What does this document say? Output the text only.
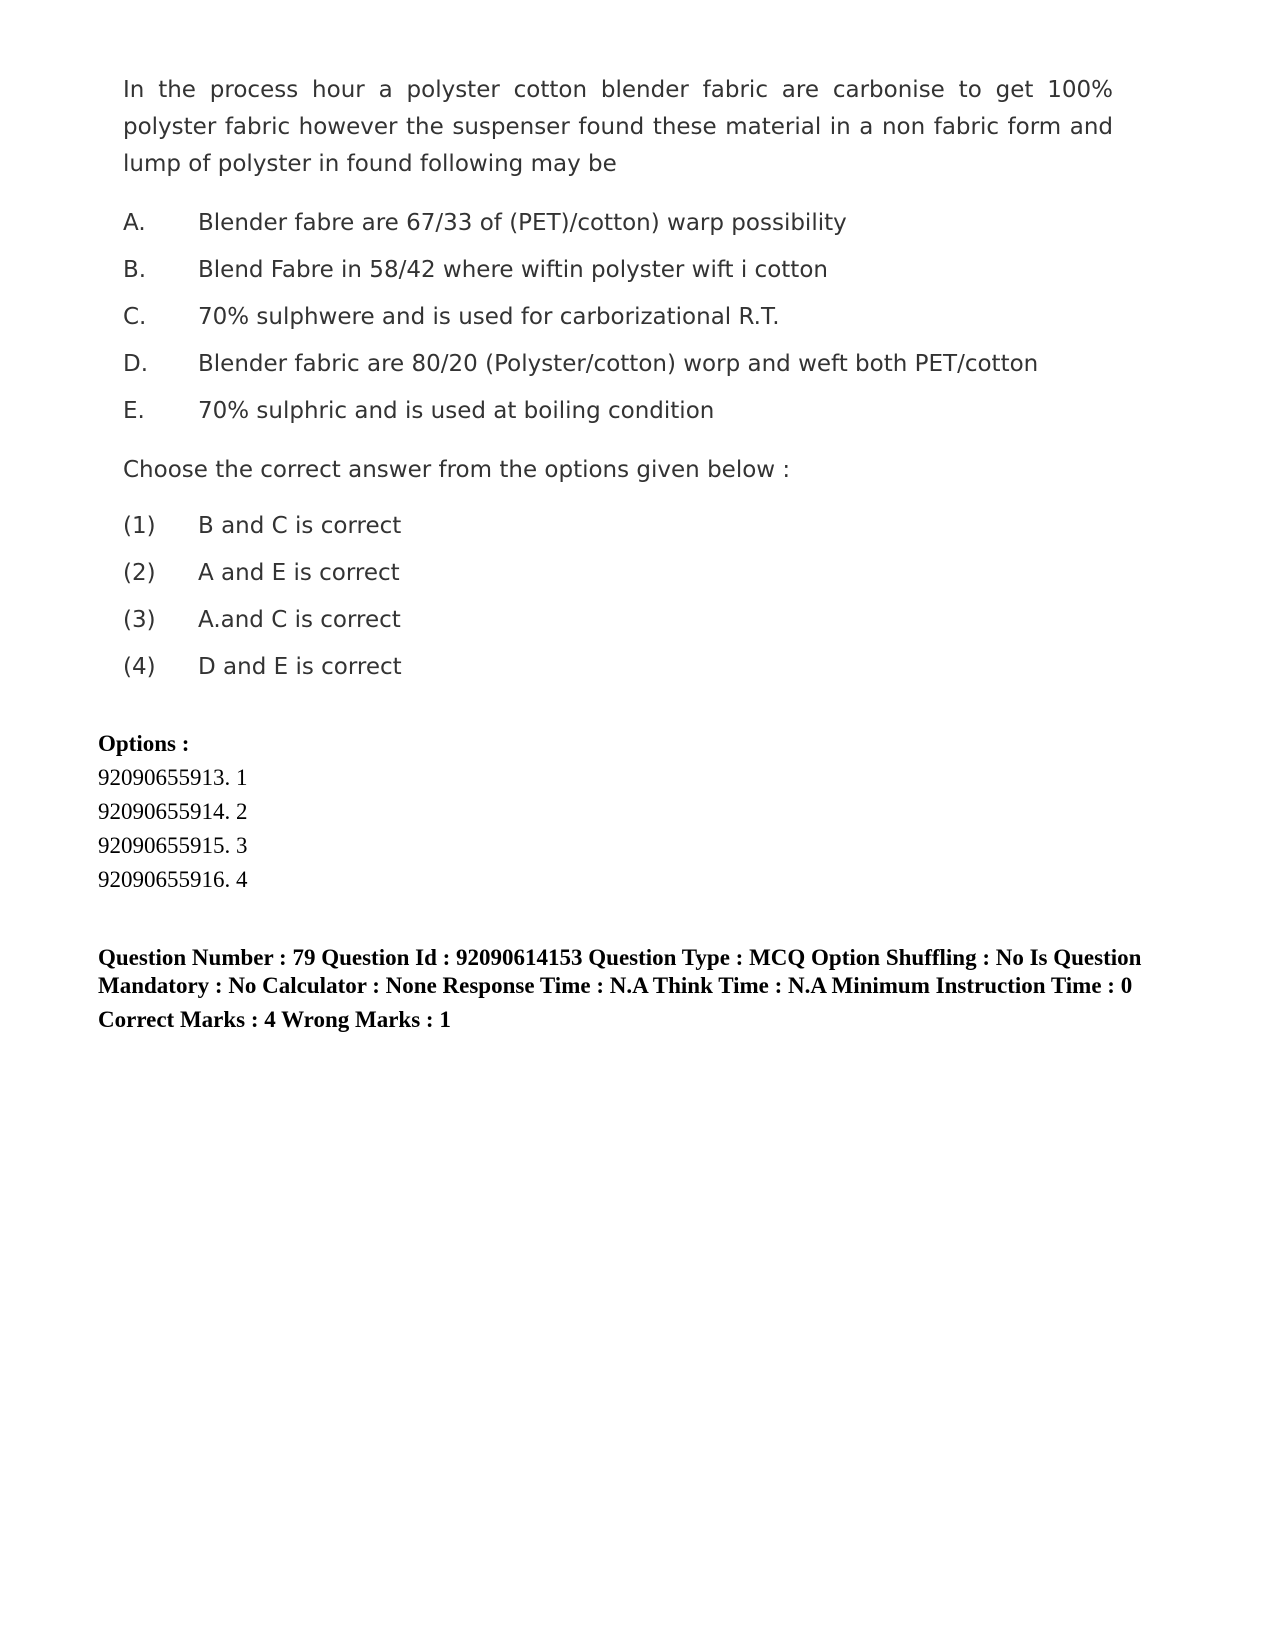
In the process hour a polyster cotton blender fabric are carbonise to get 100% polyster fabric however the suspenser found these material in a non fabric form and lump of polyster in found following may be

A.	Blender fabre are 67/33 of (PET)/cotton) warp possibility
B.	Blend Fabre in 58/42 where wiftin polyster wift i cotton
C.	70% sulphwere and is used for carborizational R.T.
D.	Blender fabric are 80/20 (Polyster/cotton) worp and weft both PET/cotton
E.	70% sulphric and is used at boiling condition
Choose the correct answer from the options given below :
(1)	B and C is correct
(2)	A and E is correct
(3)	A.and C is correct
(4)	D and E is correct
Options :
92090655913. 1
92090655914. 2
92090655915. 3
92090655916. 4
Question Number : 79 Question Id : 92090614153 Question Type : MCQ Option Shuffling : No Is Question Mandatory : No Calculator : None Response Time : N.A Think Time : N.A Minimum Instruction Time : 0
Correct Marks : 4 Wrong Marks : 1
